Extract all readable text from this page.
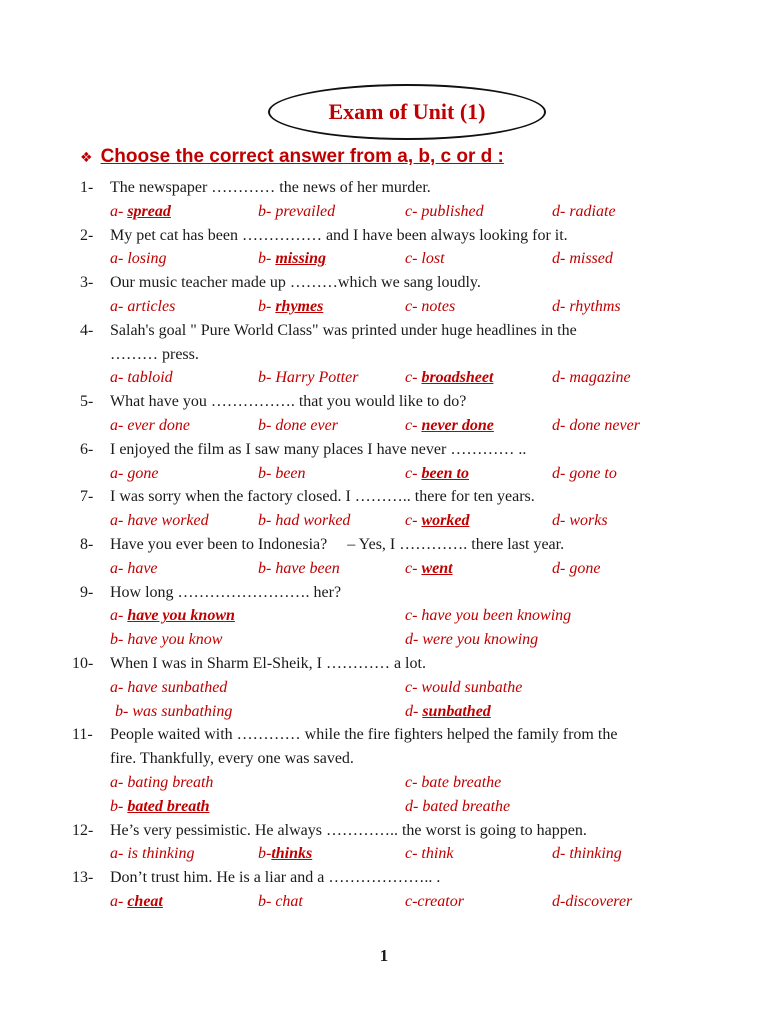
Exam of Unit (1)
❖ Choose the correct answer from a, b, c or d :
1-	The newspaper ………… the news of her murder.
a- spread	b- prevailed	c- published	d- radiate
2-	My pet cat has been …………… and I have been always looking for it.
a- losing	b- missing	c- lost	d- missed
3-	Our music teacher made up ………which we sang loudly.
a- articles	b- rhymes	c- notes	d- rhythms
4-	Salah's goal " Pure World Class" was printed under huge headlines in the
……… press.
a- tabloid	b- Harry Potter	c- broadsheet	d- magazine
5-	What have you ……………. that you would like to do?
a- ever done	b- done ever	c- never done	d- done never
6-	I enjoyed the film as I saw many places I have never ………… ..
a- gone	b- been	c- been to	d- gone to
7-	I was sorry when the factory closed. I ……….. there for ten years.
a- have worked	b- had worked	c- worked	d- works
8-	Have you ever been to Indonesia?     – Yes, I …………. there last year.
a- have	b- have been	c- went	d- gone
9-	How long ……………………. her?
a- have you known	c- have you been knowing
b- have you know	d- were you knowing
10-	When I was in Sharm El-Sheik, I ………… a lot.
a- have sunbathed	c- would sunbathe
b- was sunbathing	d- sunbathed
11-	People waited with ………… while the fire fighters helped the family from the
fire. Thankfully, every one was saved.
a- bating breath	c- bate breathe
b- bated breath	d- bated breathe
12-	He’s very pessimistic. He always ………….. the worst is going to happen.
a- is thinking	b-thinks	c- think	d- thinking
13-	Don’t trust him. He is a liar and a ……………….. .
a- cheat	b- chat	c-creator	d-discoverer
1
